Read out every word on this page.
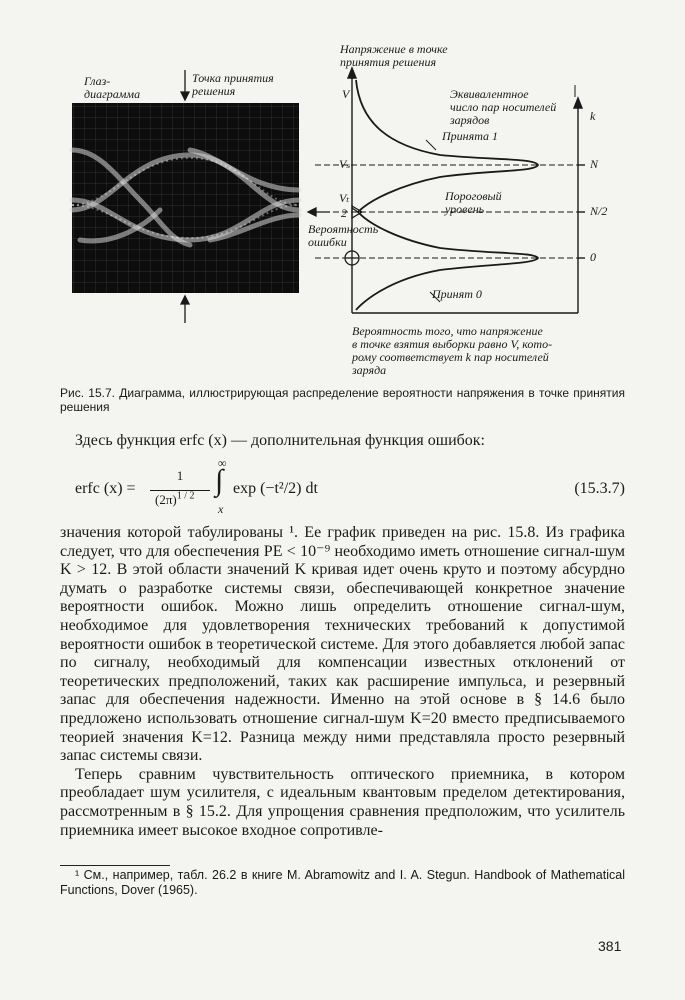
Глаз-
диаграмма
Точка принятия
решения
Напряжение в точке
принятия решения
Эквивалентное
число пар носителей
зарядов
V
Vₛ
Vₜ
2
Вероятность
ошибки
k
N
N/2
0
Принята 1
Пороговый
уровень
Принят 0
Вероятность того, что напряжение
в точке взятия выборки равно V, кото-
рому соответствует k пар носителей
заряда
Рис. 15.7. Диаграмма, иллюстрирующая распределение вероятности напряжения в точке принятия решения
Здесь функция erfc (x) — дополнительная функция ошибок:
erfc (x) =
1
$(2\pi)^{1 / 2}$
∞
∫
x
exp (−t²/2) dt	(15.3.7)

значения которой табулированы ¹. Ее график приведен на рис. 15.8. Из графика следует, что для обеспечения PE < 10⁻⁹ необходимо иметь отношение сигнал-шум K > 12. В этой области значений K кривая идет очень круто и поэтому абсурдно думать о разработке системы связи, обеспечивающей конкретное значение вероятности ошибок. Можно лишь определить отношение сигнал-шум, необходимое для удовлетворения технических требований к допустимой вероятности ошибок в теоретической системе. Для этого добавляется любой запас по сигналу, необходимый для компенсации известных отклонений от теоретических предположений, таких как расширение импульса, и резервный запас для обеспечения надежности. Именно на этой основе в § 14.6 было предложено использовать отношение сигнал-шум K=20 вместо предписываемого теорией значения K=12. Разница между ними представляла просто резервный запас системы связи.

Теперь сравним чувствительность оптического приемника, в котором преобладает шум усилителя, с идеальным квантовым пределом детектирования, рассмотренным в § 15.2. Для упрощения сравнения предположим, что усилитель приемника имеет высокое входное сопротивле-

¹ См., например, табл. 26.2 в книге M. Abramowitz and I. A. Stegun. Handbook of Mathematical Functions, Dover (1965).
381
